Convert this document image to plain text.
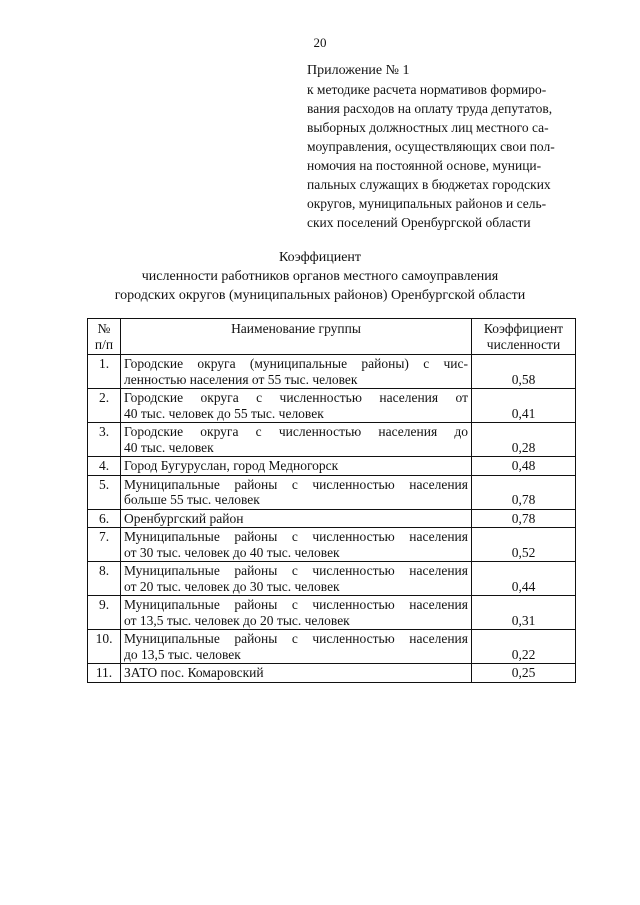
20
Приложение № 1
к методике расчета нормативов формиро-
вания расходов на оплату труда депутатов,
выборных должностных лиц местного са-
моуправления, осуществляющих свои пол-
номочия на постоянной основе, муници-
пальных служащих в бюджетах городских
округов, муниципальных районов и сель-
ских поселений Оренбургской области
Коэффициент
численности работников органов местного самоуправления
городских округов (муниципальных районов) Оренбургской области
№
п/п	Наименование группы	Коэффициент
численности

1.	Городские округа (муниципальные районы) с чис-
ленностью населения от 55 тыс. человек	0,58
2.	Городские округа с численностью населения от
40 тыс. человек до 55 тыс. человек	0,41
3.	Городские округа с численностью населения до
40 тыс. человек	0,28
4.	Город Бугуруслан, город Медногорск	0,48
5.	Муниципальные районы с численностью населения
больше 55 тыс. человек	0,78
6.	Оренбургский район	0,78
7.	Муниципальные районы с численностью населения
от 30 тыс. человек до 40 тыс. человек	0,52
8.	Муниципальные районы с численностью населения
от 20 тыс. человек до 30 тыс. человек	0,44
9.	Муниципальные районы с численностью населения
от 13,5 тыс. человек до 20 тыс. человек	0,31
10.	Муниципальные районы с численностью населения
до 13,5 тыс. человек	0,22
11.	ЗАТО пос. Комаровский	0,25
